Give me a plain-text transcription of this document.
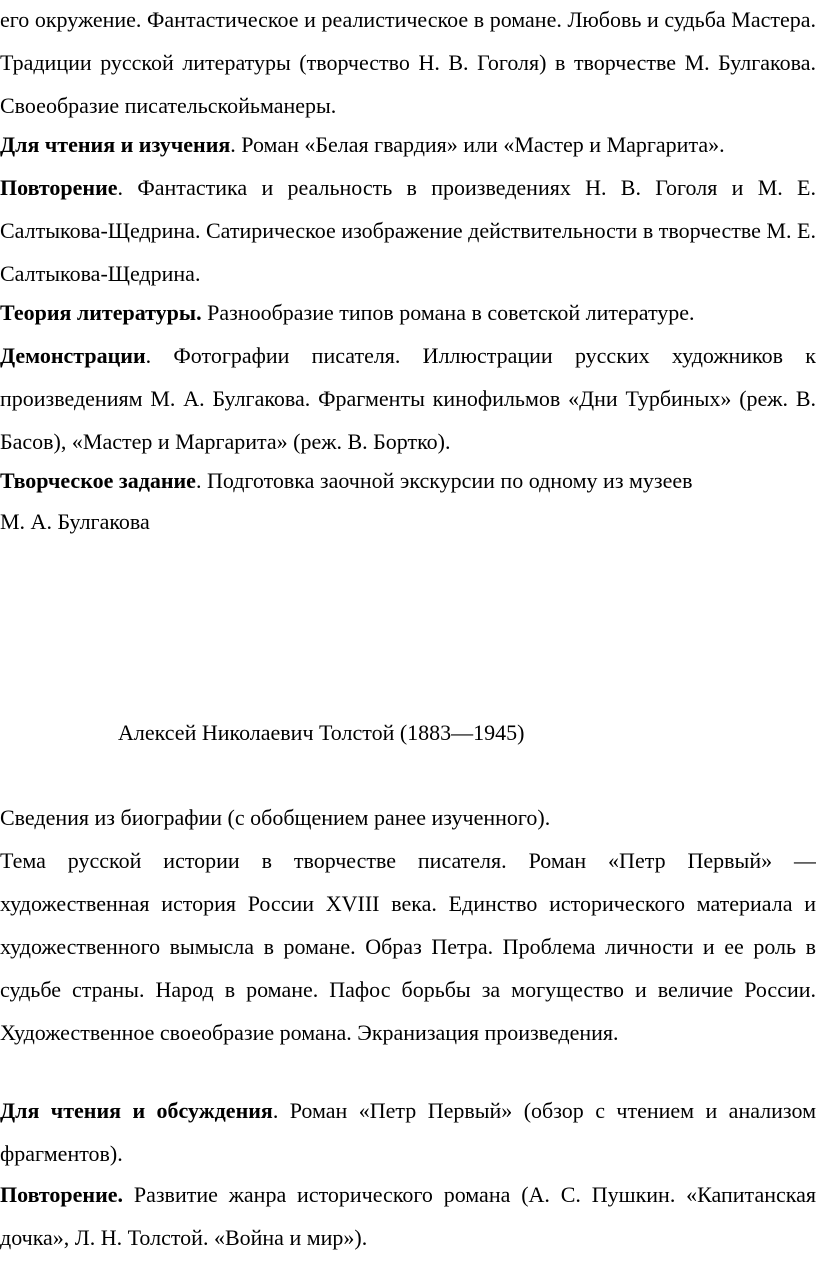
его окружение. Фантастическое и реалистическое в романе. Любовь и судьба Мастера. Традиции русской литературы (творчество Н. В. Гоголя) в творчестве М. Булгакова. Своеобразие писательскойьманеры.
Для чтения и изучения. Роман «Белая гвардия» или «Мастер и Маргарита».
Повторение. Фантастика и реальность в произведениях Н. В. Гоголя и М. Е. Салтыкова-Щедрина. Сатирическое изображение действительности в творчестве М. Е. Салтыкова-Щедрина.
Теория литературы. Разнообразие типов романа в советской литературе.
Демонстрации. Фотографии писателя. Иллюстрации русских художников к произведениям М. А. Булгакова. Фрагменты кинофильмов «Дни Турбиных» (реж. В. Басов), «Мастер и Маргарита» (реж. В. Бортко).
Творческое задание. Подготовка заочной экскурсии по одному из музеев
М. А. Булгакова
Алексей Николаевич Толстой (1883—1945)
Сведения из биографии (с обобщением ранее изученного).
Тема русской истории в творчестве писателя. Роман «Петр Первый» — художественная история России XVIII века. Единство исторического материала и художественного вымысла в романе. Образ Петра. Проблема личности и ее роль в судьбе страны. Народ в романе. Пафос борьбы за могущество и величие России. Художественное своеобразие романа. Экранизация произведения.
Для чтения и обсуждения. Роман «Петр Первый» (обзор с чтением и анализом фрагментов).
Повторение. Развитие жанра исторического романа (А. С. Пушкин. «Капитанская дочка», Л. Н. Толстой. «Война и мир»).
